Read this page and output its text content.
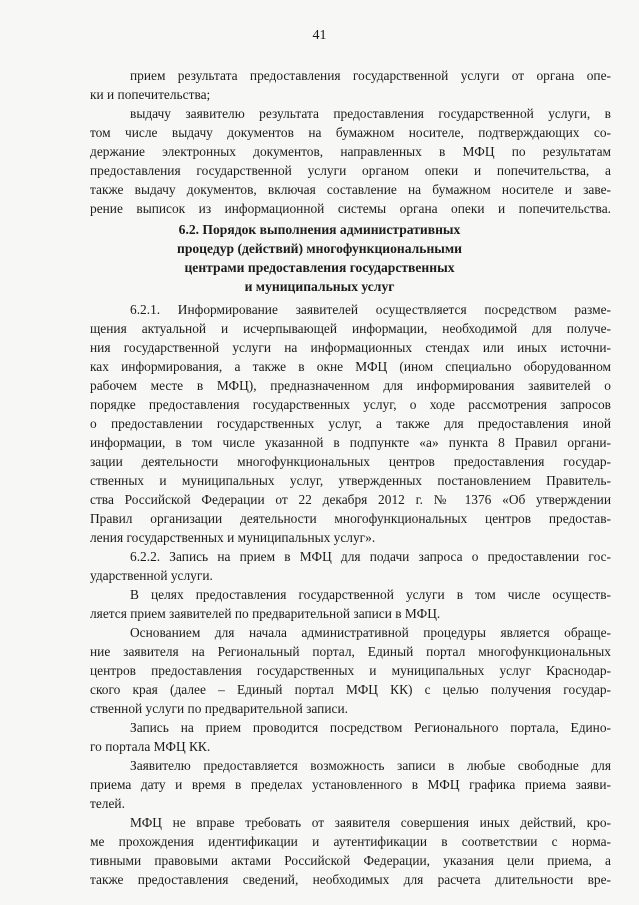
41
прием результата предоставления государственной услуги от органа опе-
ки и попечительства;
выдачу заявителю результата предоставления государственной услуги, в
том числе выдачу документов на бумажном носителе, подтверждающих со-
держание электронных документов, направленных в МФЦ по результатам
предоставления государственной услуги органом опеки и попечительства, а
также выдачу документов, включая составление на бумажном носителе и заве-
рение выписок из информационной системы органа опеки и попечительства.
6.2. Порядок выполнения административных
процедур (действий) многофункциональными
центрами предоставления государственных
и муниципальных услуг
6.2.1. Информирование заявителей осуществляется посредством разме-
щения актуальной и исчерпывающей информации, необходимой для получе-
ния государственной услуги на информационных стендах или иных источни-
ках информирования, а также в окне МФЦ (ином специально оборудованном
рабочем месте в МФЦ), предназначенном для информирования заявителей о
порядке предоставления государственных услуг, о ходе рассмотрения запросов
о предоставлении государственных услуг, а также для предоставления иной
информации, в том числе указанной в подпункте «а» пункта 8 Правил органи-
зации деятельности многофункциональных центров предоставления государ-
ственных и муниципальных услуг, утвержденных постановлением Правитель-
ства Российской Федерации от 22 декабря 2012 г. № 1376 «Об утверждении
Правил организации деятельности многофункциональных центров предостав-
ления государственных и муниципальных услуг».
6.2.2. Запись на прием в МФЦ для подачи запроса о предоставлении гос-
ударственной услуги.
В целях предоставления государственной услуги в том числе осуществ-
ляется прием заявителей по предварительной записи в МФЦ.
Основанием для начала административной процедуры является обраще-
ние заявителя на Региональный портал, Единый портал многофункциональных
центров предоставления государственных и муниципальных услуг Краснодар-
ского края (далее – Единый портал МФЦ КК) с целью получения государ-
ственной услуги по предварительной записи.
Запись на прием проводится посредством Регионального портала, Едино-
го портала МФЦ КК.
Заявителю предоставляется возможность записи в любые свободные для
приема дату и время в пределах установленного в МФЦ графика приема заяви-
телей.
МФЦ не вправе требовать от заявителя совершения иных действий, кро-
ме прохождения идентификации и аутентификации в соответствии с норма-
тивными правовыми актами Российской Федерации, указания цели приема, а
также предоставления сведений, необходимых для расчета длительности вре-
